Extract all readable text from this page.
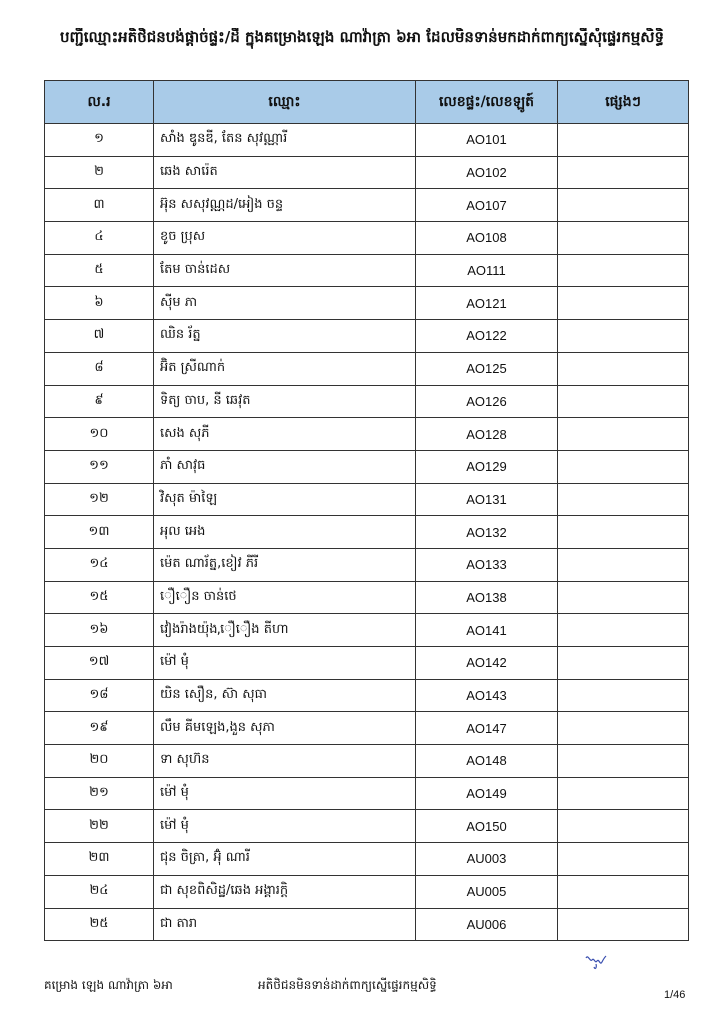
បញ្ជីឈ្មោះអតិថិជនបង់ផ្តាច់ផ្ទះ/ដី ក្នុងគម្រោងឡេង ណាវ៉ាត្រា ៦អា ដែលមិនទាន់មកដាក់ពាក្យស្នើសុំផ្ទេរកម្មសិទ្ធិ
ល.រ	ឈ្មោះ	លេខផ្ទះ/លេខឡូត៍	ផ្សេងៗ
១	សាំង ឌូនឌី, តែន សុវណ្ណារី	AO101	
២	ឆេង សារ៉េត	AO102	
៣	អ៊ុន សសុវណ្ណដ/អៀង ចន្ទ	AO107	
៤	ខូច ប្រុស	AO108	
៥	តែម ចាន់ដេស	AO111	
៦	ស៊ីម ភា	AO121	
៧	ឈិន រ័ត្ន	AO122	
៨	អ៊ិត ស្រីណាក់	AO125	
៩	ទិត្យ ចាប, នី ឆេវុត	AO126	
១០	សេង សុភី	AO128	
១១	ភាំ សាវុធ	AO129	
១២	វិសុត ម៉ាឡៃ	AO131	
១៣	អុល អេង	AO132	
១៤	ម៉េត ណារ័ត្ន,ខៀវ ភីរី	AO133	
១៥	ឿឿន ចាន់ថេ	AO138	
១៦	វៀងរ៉ាងយ៉ុង,ឿឿង តីហា	AO141	
១៧	ម៉ៅ មុំ	AO142	
១៨	យិន សឿន, ស៊ា សុធា	AO143	
១៩	លឹម គីមឡេង,ងួន សុភា	AO147	
២០	ទា សុហ៊ន	AO148	
២១	ម៉ៅ មុំ	AO149	
២២	ម៉ៅ មុំ	AO150	
២៣	ជុន ចិត្រា, អ៊ុំ ណារី	AU003	
២៤	ជា សុខពិសិដ្ឋ/ឆេង អង្គារក្តិ	AU005	
២៥	ជា តារា	AU006	
គម្រោង ឡេង ណាវ៉ាត្រា ៦អា	អតិថិជនមិនទាន់ដាក់ពាក្យស្នើផ្ទេរកម្មសិទ្ធិ
1/46
